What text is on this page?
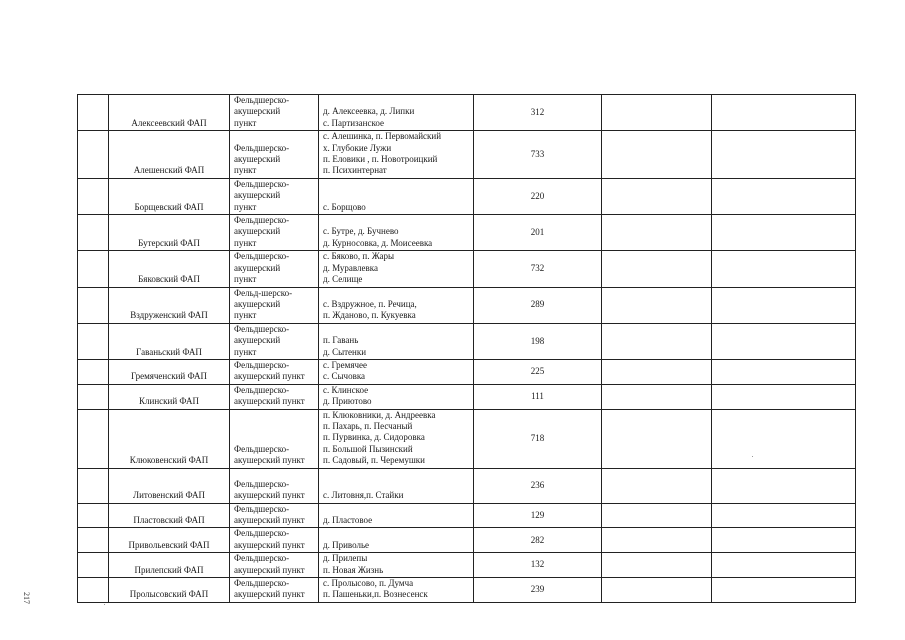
	Алексеевский ФАП	Фельдшерско-
акушерский
пункт	д. Алексеевка, д. Липки
с. Партизанское	312		
	Алешенский ФАП	Фельдшерско-
акушерский
пункт	с. Алешинка, п. Первомайский
х. Глубокие Лужи
п. Еловики , п. Новотроицкий
п. Психинтернат	733		
	Борщевский ФАП	Фельдшерско-
акушерский
пункт	с. Борщово	220		
	Бутерский ФАП	Фельдшерско-
акушерский
пункт	с. Бутре, д. Бучнево
д. Курносовка, д. Моисеевка	201		
	Бяковский ФАП	Фельдшерско-
акушерский
пункт	с. Бяково, п. Жары
д. Муравлевка
д. Селище	732		
	Вздруженский ФАП	Фельд-шерско-
акушерский
пункт	с. Вздружное, п. Речица,
п. Жданово, п. Кукуевка	289		
	Гаваньский ФАП	Фельдшерско-
акушерский
пункт	п. Гавань
д. Сытенки	198		
	Гремяченский ФАП	Фельдшерско-
акушерский пункт	с. Гремячее
с. Сычовка	225		
	Клинский ФАП	Фельдшерско-
акушерский пункт	с. Клинское
д. Приютово	111		
	Клюковенский ФАП	Фельдшерско-
акушерский пункт	п. Клюковники, д. Андреевка
п. Пахарь, п. Песчаный
п. Пурвинка, д. Сидоровка
п. Большой Пызинский
п. Садовый, п. Черемушки	718		
	Литовенский ФАП	Фельдшерско-
акушерский пункт	с. Литовня,п. Стайки	236		
	Пластовский ФАП	Фельдшерско-
акушерский пункт	д. Пластовое	129		
	Привольевский ФАП	Фельдшерско-
акушерский пункт	д. Приволье	282		
	Прилепский ФАП	Фельдшерско-
акушерский пункт	д. Прилепы
п. Новая Жизнь	132		
	Пролысовский ФАП	Фельдшерско-
акушерский пункт	с. Пролысово, п. Думча
п. Пашеньки,п. Вознесенск	239		
217
